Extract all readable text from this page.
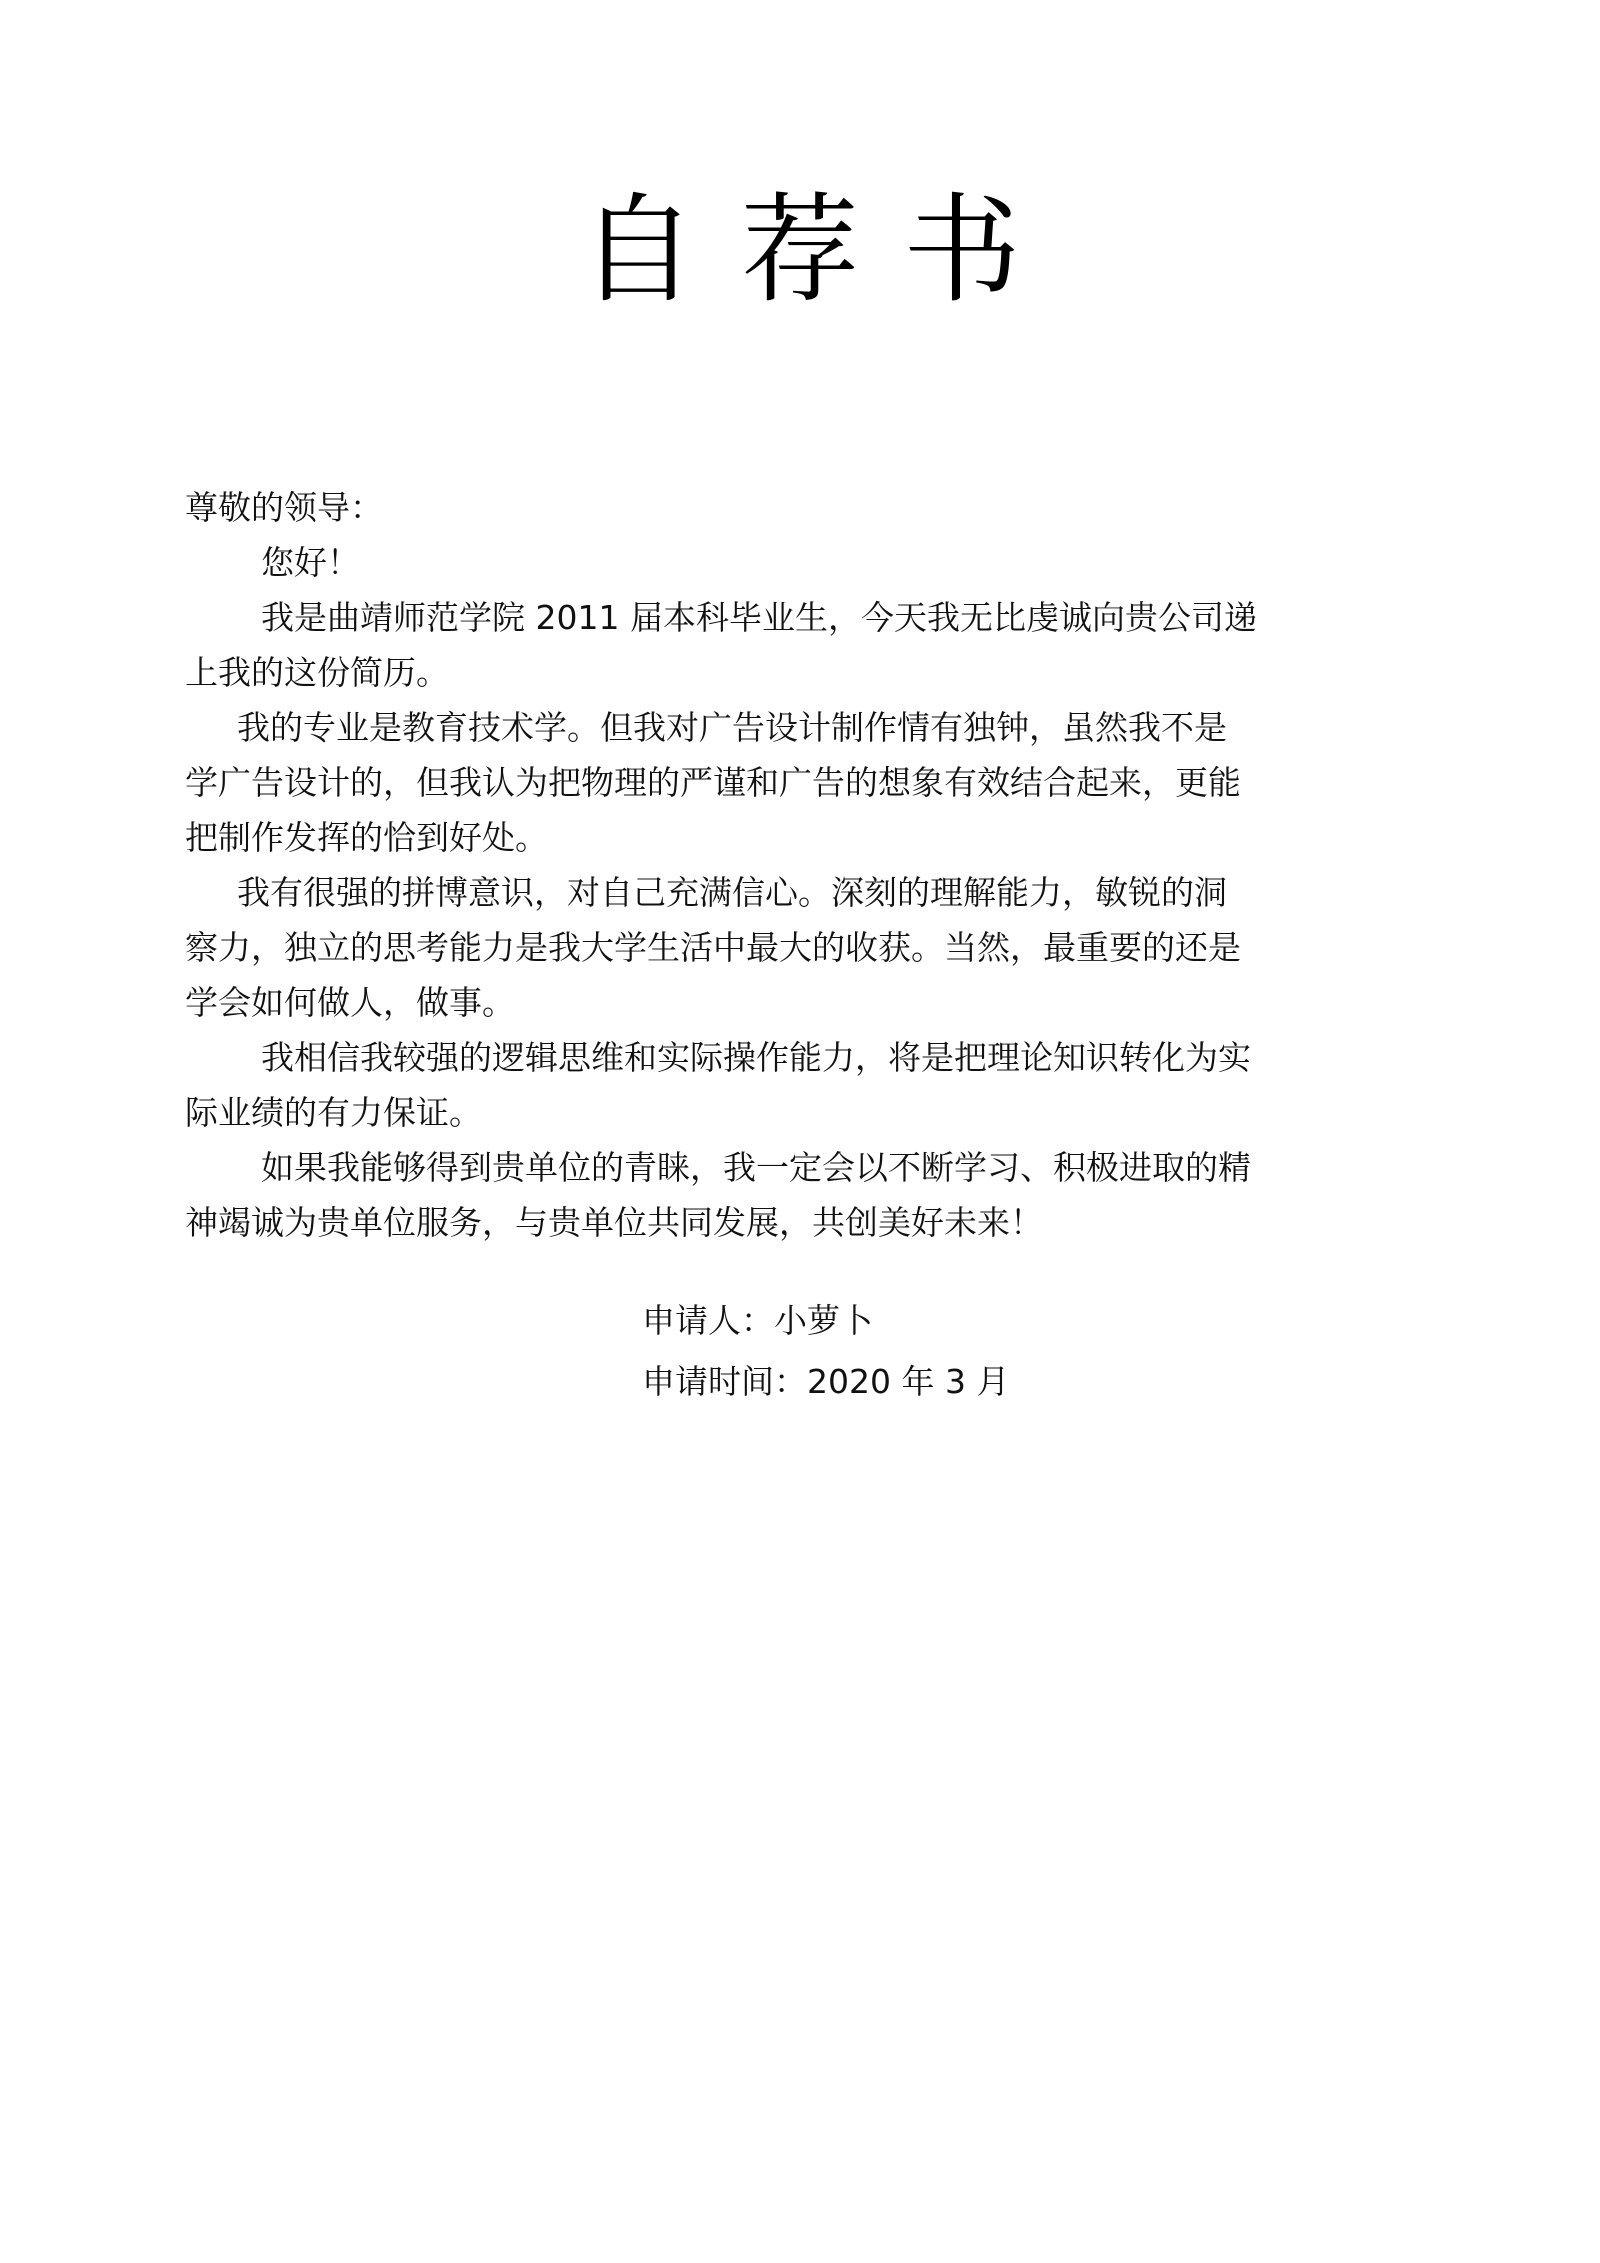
自荐书
尊敬的领导：
您好！
我是曲靖师范学院 2011 届本科毕业生，今天我无比虔诚向贵公司递
上我的这份简历。
我的专业是教育技术学。但我对广告设计制作情有独钟，虽然我不是
学广告设计的，但我认为把物理的严谨和广告的想象有效结合起来，更能
把制作发挥的恰到好处。
我有很强的拼博意识，对自己充满信心。深刻的理解能力，敏锐的洞
察力，独立的思考能力是我大学生活中最大的收获。当然，最重要的还是
学会如何做人，做事。
我相信我较强的逻辑思维和实际操作能力，将是把理论知识转化为实
际业绩的有力保证。
如果我能够得到贵单位的青睐，我一定会以不断学习、积极进取的精
神竭诚为贵单位服务，与贵单位共同发展，共创美好未来！
申请人：小萝卜
申请时间：2020 年 3 月
